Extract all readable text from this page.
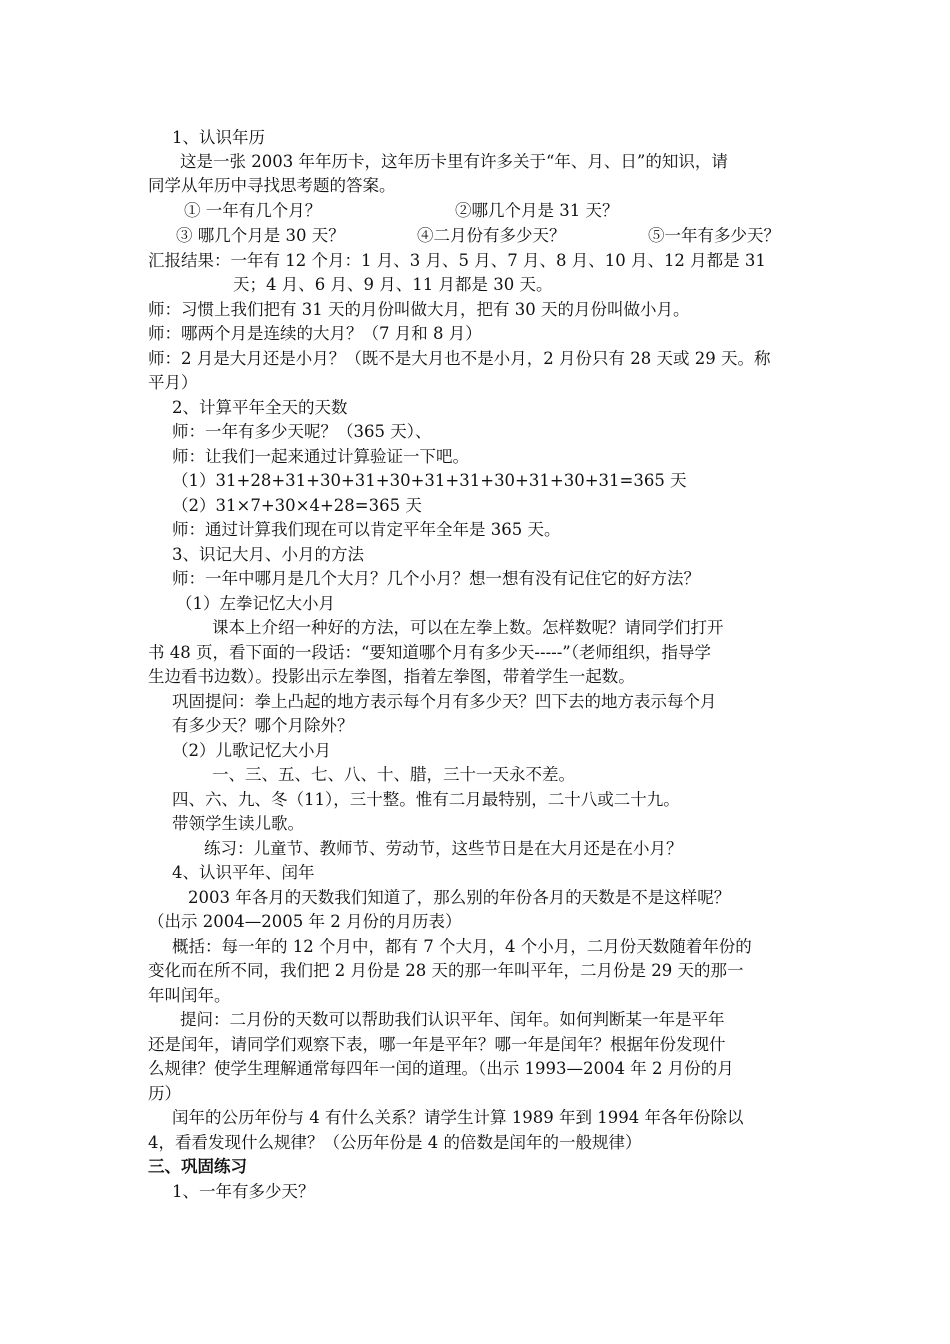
1、认识年历
这是一张 2003 年年历卡，这年历卡里有许多关于“年、月、日”的知识，请
同学从年历中寻找思考题的答案。
① 一年有几个月？	②哪几个月是 31 天？
③ 哪几个月是 30 天？	④二月份有多少天？	⑤一年有多少天？
汇报结果：一年有 12 个月：1 月、3 月、5 月、7 月、8 月、10 月、12 月都是 31
天；4 月、6 月、9 月、11 月都是 30 天。
师：习惯上我们把有 31 天的月份叫做大月，把有 30 天的月份叫做小月。
师：哪两个月是连续的大月？（7 月和 8 月）
师：2 月是大月还是小月？（既不是大月也不是小月，2 月份只有 28 天或 29 天。称
平月）
2、计算平年全天的天数
师：一年有多少天呢？（365 天）、
师：让我们一起来通过计算验证一下吧。
（1）31+28+31+30+31+30+31+31+30+31+30+31=365 天
（2）31×7+30×4+28=365 天
师：通过计算我们现在可以肯定平年全年是 365 天。
3、识记大月、小月的方法
师：一年中哪月是几个大月？几个小月？想一想有没有记住它的好方法？
（1）左拳记忆大小月
课本上介绍一种好的方法，可以在左拳上数。怎样数呢？请同学们打开
书 48 页，看下面的一段话：“要知道哪个月有多少天-----”（老师组织，指导学
生边看书边数）。投影出示左拳图，指着左拳图，带着学生一起数。
巩固提问：拳上凸起的地方表示每个月有多少天？凹下去的地方表示每个月
有多少天？哪个月除外？
（2）儿歌记忆大小月
一、三、五、七、八、十、腊，三十一天永不差。
四、六、九、冬（11），三十整。惟有二月最特别，二十八或二十九。
带领学生读儿歌。
练习：儿童节、教师节、劳动节，这些节日是在大月还是在小月？
4、认识平年、闰年
2003 年各月的天数我们知道了，那么别的年份各月的天数是不是这样呢？
（出示 2004—2005 年 2 月份的月历表）
概括：每一年的 12 个月中，都有 7 个大月，4 个小月，二月份天数随着年份的
变化而在所不同，我们把 2 月份是 28 天的那一年叫平年，二月份是 29 天的那一
年叫闰年。
提问：二月份的天数可以帮助我们认识平年、闰年。如何判断某一年是平年
还是闰年，请同学们观察下表，哪一年是平年？哪一年是闰年？根据年份发现什
么规律？使学生理解通常每四年一闰的道理。（出示 1993—2004 年 2 月份的月
历）
闰年的公历年份与 4 有什么关系？请学生计算 1989 年到 1994 年各年份除以
4，看看发现什么规律？（公历年份是 4 的倍数是闰年的一般规律）
三、巩固练习
1、一年有多少天？
